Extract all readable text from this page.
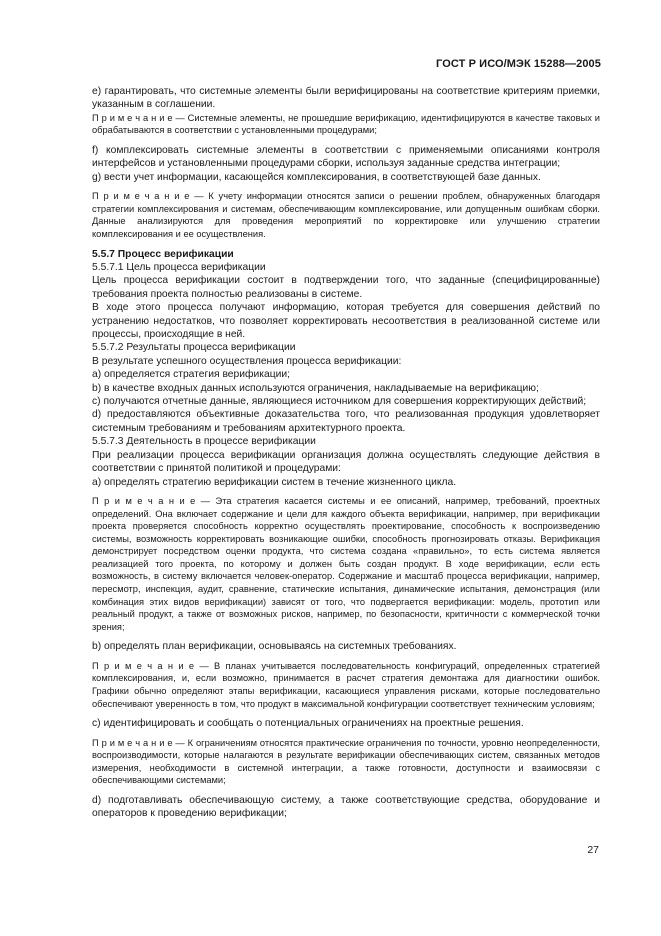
ГОСТ Р ИСО/МЭК 15288—2005
е) гарантировать, что системные элементы были верифицированы на соответствие критериям приемки, указанным в соглашении.
П р и м е ч а н и е — Системные элементы, не прошедшие верификацию, идентифицируются в качестве таковых и обрабатываются в соответствии с установленными процедурами;
f) комплексировать системные элементы в соответствии с применяемыми описаниями контроля интерфейсов и установленными процедурами сборки, используя заданные средства интеграции;
g) вести учет информации, касающейся комплексирования, в соответствующей базе данных.
П р и м е ч а н и е — К учету информации относятся записи о решении проблем, обнаруженных благодаря стратегии комплексирования и системам, обеспечивающим комплексирование, или допущенным ошибкам сборки. Данные анализируются для проведения мероприятий по корректировке или улучшению стратегии комплексирования и ее осуществления.
5.5.7 Процесс верификации
5.5.7.1 Цель процесса верификации
Цель процесса верификации состоит в подтверждении того, что заданные (специфицированные) требования проекта полностью реализованы в системе.
В ходе этого процесса получают информацию, которая требуется для совершения действий по устранению недостатков, что позволяет корректировать несоответствия в реализованной системе или процессы, происходящие в ней.
5.5.7.2 Результаты процесса верификации
В результате успешного осуществления процесса верификации:
а) определяется стратегия верификации;
b) в качестве входных данных используются ограничения, накладываемые на верификацию;
с) получаются отчетные данные, являющиеся источником для совершения корректирующих действий;
d) предоставляются объективные доказательства того, что реализованная продукция удовлетворяет системным требованиям и требованиям архитектурного проекта.
5.5.7.3 Деятельность в процессе верификации
При реализации процесса верификации организация должна осуществлять следующие действия в соответствии с принятой политикой и процедурами:
а) определять стратегию верификации систем в течение жизненного цикла.
П р и м е ч а н и е — Эта стратегия касается системы и ее описаний, например, требований, проектных определений. Она включает содержание и цели для каждого объекта верификации, например, при верификации проекта проверяется способность корректно осуществлять проектирование, способность к воспроизведению системы, возможность корректировать возникающие ошибки, способность прогнозировать отказы. Верификация демонстрирует посредством оценки продукта, что система создана «правильно», то есть система является реализацией того проекта, по которому и должен быть создан продукт. В ходе верификации, если есть возможность, в систему включается человек-оператор. Содержание и масштаб процесса верификации, например, пересмотр, инспекция, аудит, сравнение, статические испытания, динамические испытания, демонстрация (или комбинация этих видов верификации) зависят от того, что подвергается верификации: модель, прототип или реальный продукт, а также от возможных рисков, например, по безопасности, критичности с коммерческой точки зрения;
b) определять план верификации, основываясь на системных требованиях.
П р и м е ч а н и е — В планах учитывается последовательность конфигураций, определенных стратегией комплексирования, и, если возможно, принимается в расчет стратегия демонтажа для диагностики ошибок. Графики обычно определяют этапы верификации, касающиеся управления рисками, которые последовательно обеспечивают уверенность в том, что продукт в максимальной конфигурации соответствует техническим условиям;
с) идентифицировать и сообщать о потенциальных ограничениях на проектные решения.
П р и м е ч а н и е — К ограничениям относятся практические ограничения по точности, уровню неопределенности, воспроизводимости, которые налагаются в результате верификации обеспечивающих систем, связанных методов измерения, необходимости в системной интеграции, а также готовности, доступности и взаимосвязи с обеспечивающими системами;
d) подготавливать обеспечивающую систему, а также соответствующие средства, оборудование и операторов к проведению верификации;
27
